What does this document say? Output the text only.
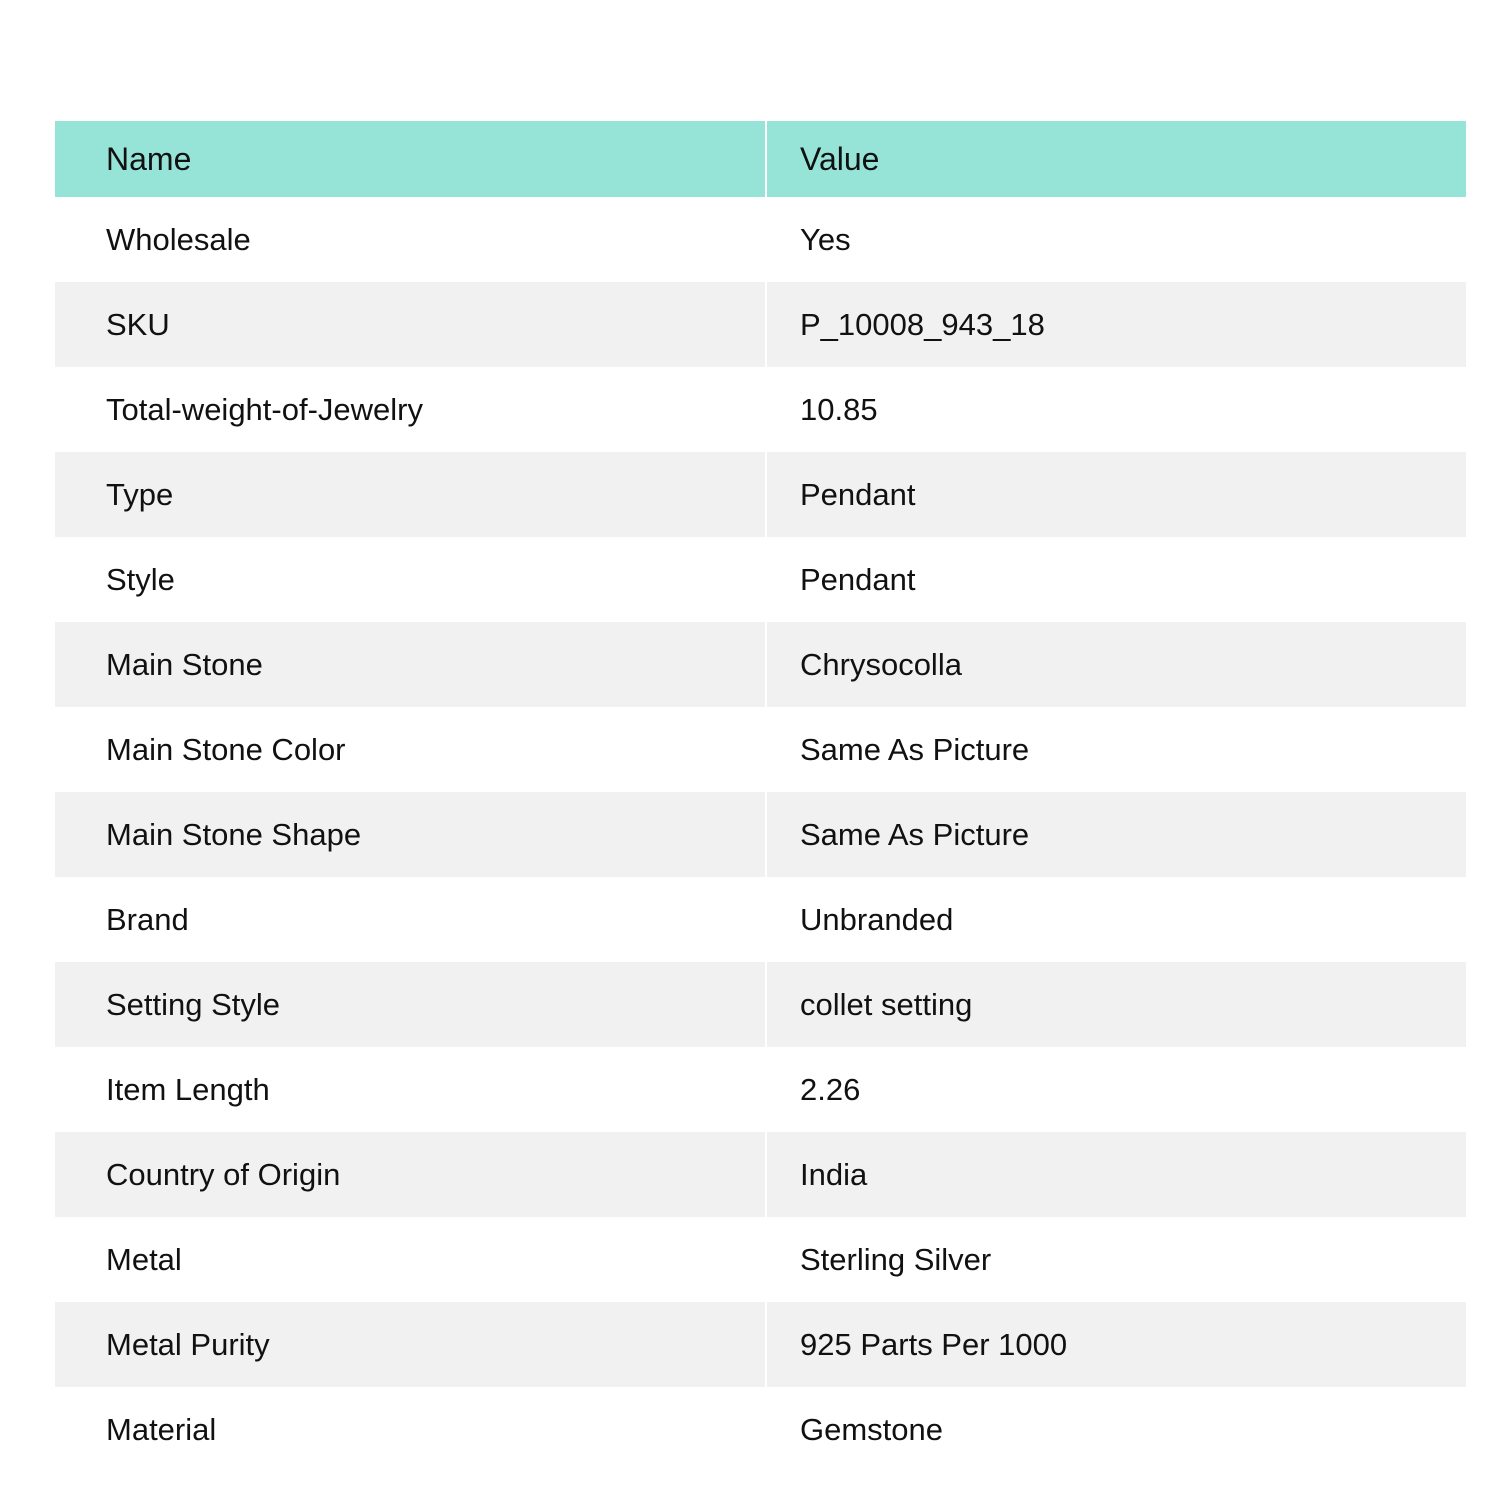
Name	Value
Wholesale	Yes
SKU	P_10008_943_18
Total-weight-of-Jewelry	10.85
Type	Pendant
Style	Pendant
Main Stone	Chrysocolla
Main Stone Color	Same As Picture
Main Stone Shape	Same As Picture
Brand	Unbranded
Setting Style	collet setting
Item Length	2.26
Country of Origin	India
Metal	Sterling Silver
Metal Purity	925 Parts Per 1000
Material	Gemstone
